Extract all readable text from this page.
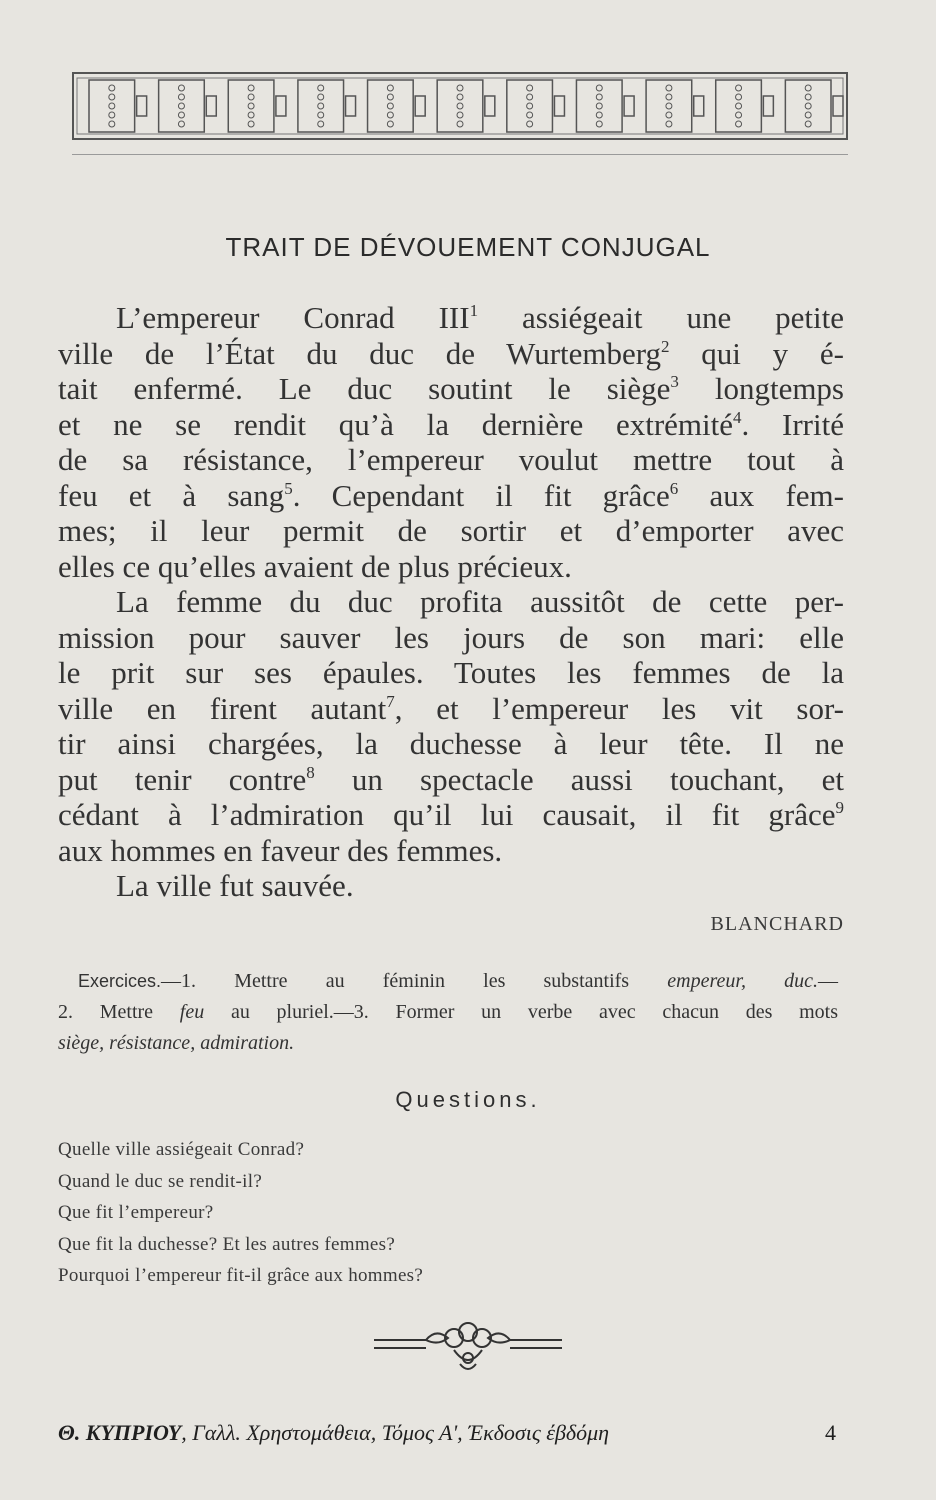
TRAIT DE DÉVOUEMENT CONJUGAL
L’empereur Conrad III$^1$ assiégeait une petite
ville de l’État du duc de Wurtemberg$^2$ qui y é-
tait enfermé. Le duc soutint le siège$^3$ longtemps
et ne se rendit qu’à la dernière extrémité$^4$. Irrité
de sa résistance, l’empereur voulut mettre tout à
feu et à sang$^5$. Cependant il fit grâce$^6$ aux fem-
mes; il leur permit de sortir et d’emporter avec
elles ce qu’elles avaient de plus précieux.
La femme du duc profita aussitôt de cette per-
mission pour sauver les jours de son mari: elle
le prit sur ses épaules. Toutes les femmes de la
ville en firent autant$^7$, et l’empereur les vit sor-
tir ainsi chargées, la duchesse à leur tête. Il ne
put tenir contre$^8$ un spectacle aussi touchant, et
cédant à l’admiration qu’il lui causait, il fit grâce$^9$
aux hommes en faveur des femmes.
La ville fut sauvée.
BLANCHARD
Exercices.—1. Mettre au féminin les substantifs empereur, duc.—
2. Mettre feu au pluriel.—3. Former un verbe avec chacun des mots
siège, résistance, admiration.
Questions.
Quelle ville assiégeait Conrad?
Quand le duc se rendit-il?
Que fit l’empereur?
Que fit la duchesse? Et les autres femmes?
Pourquoi l’empereur fit-il grâce aux hommes?
Θ. ΚΥΠΡΙΟΥ, Γαλλ. Χρηστομάθεια, Τόμος Α', Έκδοσις έβδόμη	4
